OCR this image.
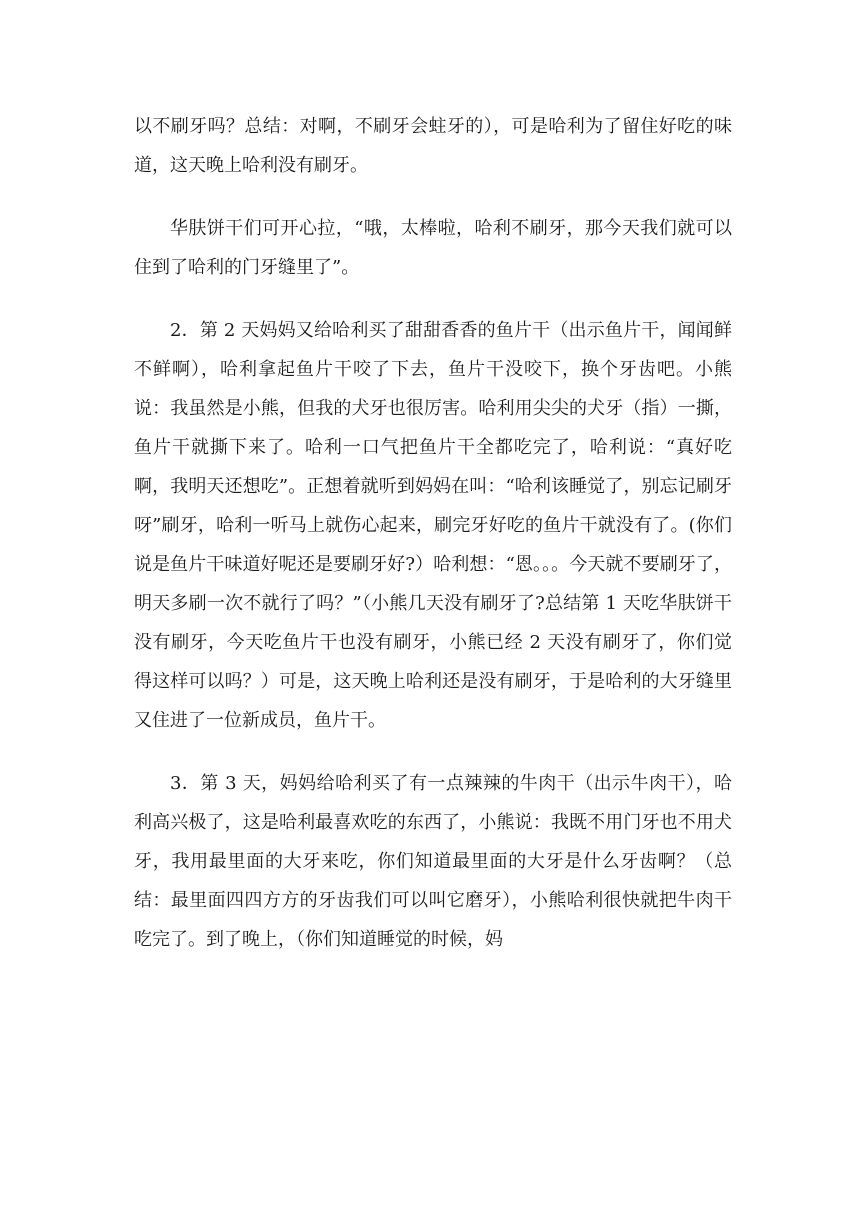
以不刷牙吗？总结：对啊，不刷牙会蛀牙的），可是哈利为了留住好吃的味道，这天晚上哈利没有刷牙。

华肤饼干们可开心拉，“哦，太棒啦，哈利不刷牙，那今天我们就可以住到了哈利的门牙缝里了”。

2．第 2 天妈妈又给哈利买了甜甜香香的鱼片干（出示鱼片干，闻闻鲜不鲜啊），哈利拿起鱼片干咬了下去，鱼片干没咬下，换个牙齿吧。小熊说：我虽然是小熊，但我的犬牙也很厉害。哈利用尖尖的犬牙（指）一撕，鱼片干就撕下来了。哈利一口气把鱼片干全都吃完了，哈利说：“真好吃啊，我明天还想吃”。正想着就听到妈妈在叫：“哈利该睡觉了，别忘记刷牙呀”刷牙，哈利一听马上就伤心起来，刷完牙好吃的鱼片干就没有了。(你们说是鱼片干味道好呢还是要刷牙好?）哈利想：“恩。。。今天就不要刷牙了，明天多刷一次不就行了吗？”（小熊几天没有刷牙了?总结第 1 天吃华肤饼干没有刷牙，今天吃鱼片干也没有刷牙，小熊已经 2 天没有刷牙了，你们觉得这样可以吗？）可是，这天晚上哈利还是没有刷牙，于是哈利的大牙缝里又住进了一位新成员，鱼片干。

3．第 3 天，妈妈给哈利买了有一点辣辣的牛肉干（出示牛肉干），哈利高兴极了，这是哈利最喜欢吃的东西了，小熊说：我既不用门牙也不用犬牙，我用最里面的大牙来吃，你们知道最里面的大牙是什么牙齿啊？（总结：最里面四四方方的牙齿我们可以叫它磨牙），小熊哈利很快就把牛肉干吃完了。到了晚上，（你们知道睡觉的时候，妈
